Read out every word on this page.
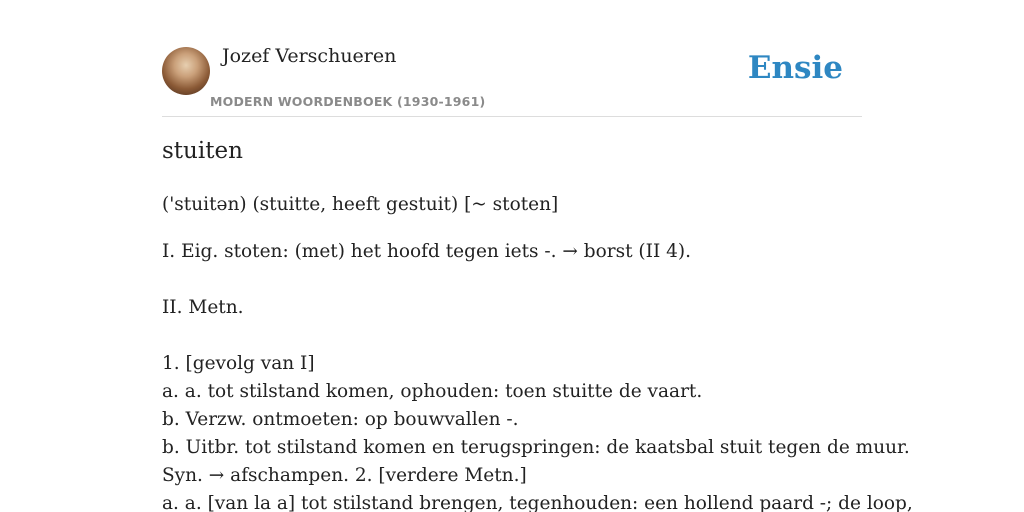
Jozef Verschueren
MODERN WOORDENBOEK (1930-1961)
Ensie
stuiten
('stuitən) (stuitte, heeft gestuit) [~ stoten]
I. Eig. stoten: (met) het hoofd tegen iets -. → borst (II 4).
II. Metn.
1. [gevolg van I]
a. a. tot stilstand komen, ophouden: toen stuitte de vaart.
b. Verzw. ontmoeten: op bouwvallen -.
b. Uitbr. tot stilstand komen en terugspringen: de kaatsbal stuit tegen de muur.
Syn. → afschampen. 2. [verdere Metn.]
a. a. [van la a] tot stilstand brengen, tegenhouden: een hollend paard -; de loop,
